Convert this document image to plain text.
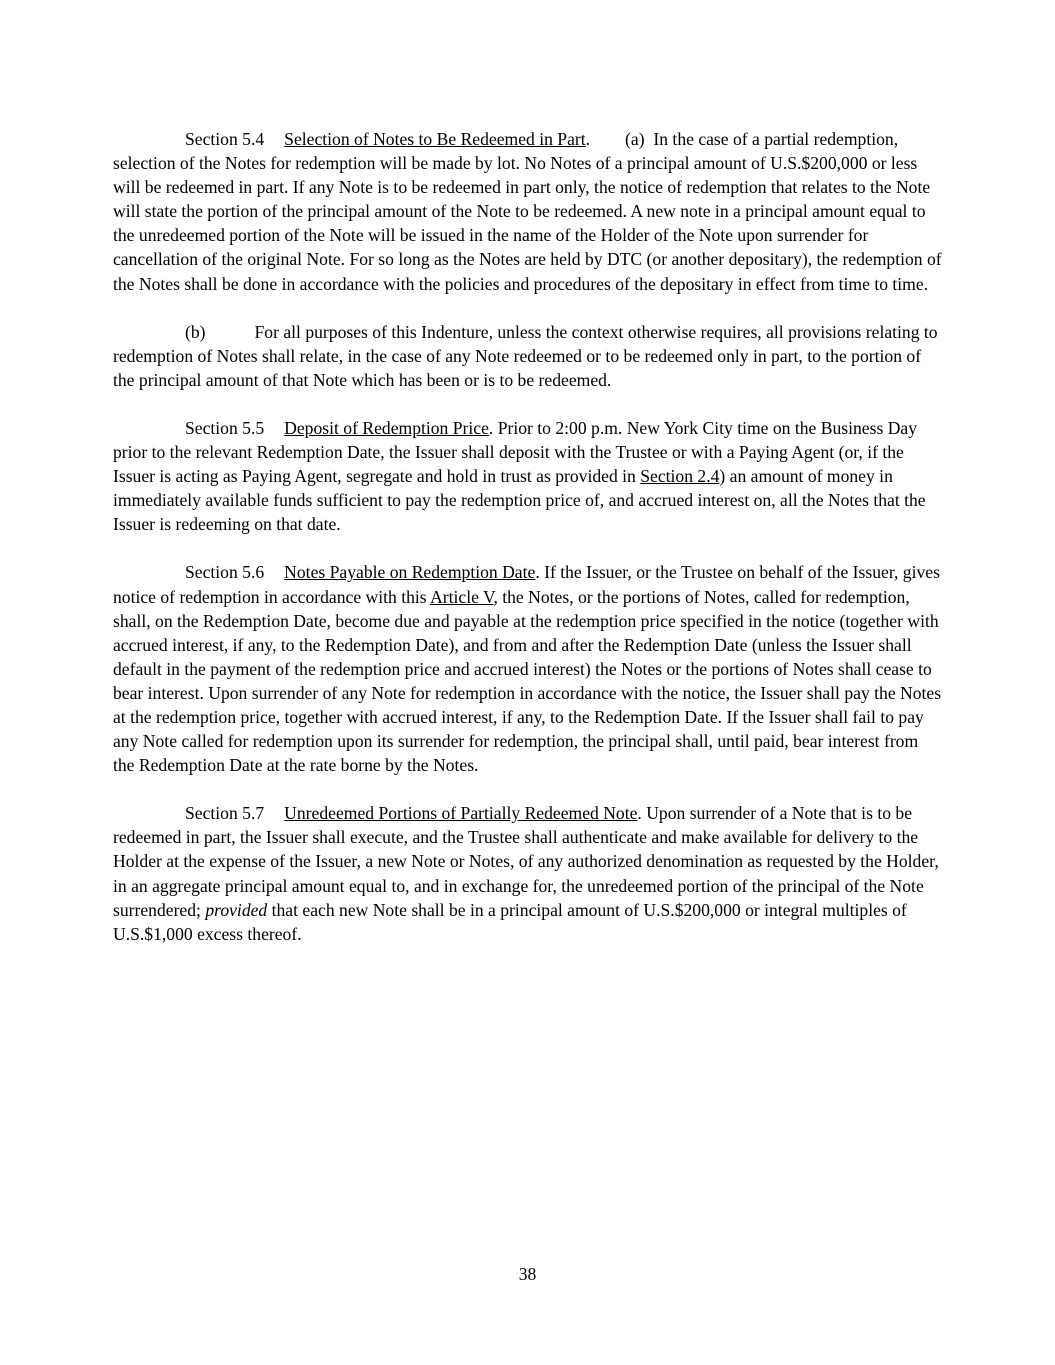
Section 5.4 Selection of Notes to Be Redeemed in Part. (a)  In the case of a partial redemption, selection of the Notes for redemption will be made by lot. No Notes of a principal amount of U.S.$200,000 or less will be redeemed in part. If any Note is to be redeemed in part only, the notice of redemption that relates to the Note will state the portion of the principal amount of the Note to be redeemed. A new note in a principal amount equal to the unredeemed portion of the Note will be issued in the name of the Holder of the Note upon surrender for cancellation of the original Note. For so long as the Notes are held by DTC (or another depositary), the redemption of the Notes shall be done in accordance with the policies and procedures of the depositary in effect from time to time.

(b)	For all purposes of this Indenture, unless the context otherwise requires, all provisions relating to redemption of Notes shall relate, in the case of any Note redeemed or to be redeemed only in part, to the portion of the principal amount of that Note which has been or is to be redeemed.

Section 5.5 Deposit of Redemption Price. Prior to 2:00 p.m. New York City time on the Business Day prior to the relevant Redemption Date, the Issuer shall deposit with the Trustee or with a Paying Agent (or, if the Issuer is acting as Paying Agent, segregate and hold in trust as provided in Section 2.4) an amount of money in immediately available funds sufficient to pay the redemption price of, and accrued interest on, all the Notes that the Issuer is redeeming on that date.

Section 5.6 Notes Payable on Redemption Date. If the Issuer, or the Trustee on behalf of the Issuer, gives notice of redemption in accordance with this Article V, the Notes, or the portions of Notes, called for redemption, shall, on the Redemption Date, become due and payable at the redemption price specified in the notice (together with accrued interest, if any, to the Redemption Date), and from and after the Redemption Date (unless the Issuer shall default in the payment of the redemption price and accrued interest) the Notes or the portions of Notes shall cease to bear interest. Upon surrender of any Note for redemption in accordance with the notice, the Issuer shall pay the Notes at the redemption price, together with accrued interest, if any, to the Redemption Date. If the Issuer shall fail to pay any Note called for redemption upon its surrender for redemption, the principal shall, until paid, bear interest from the Redemption Date at the rate borne by the Notes.

Section 5.7 Unredeemed Portions of Partially Redeemed Note. Upon surrender of a Note that is to be redeemed in part, the Issuer shall execute, and the Trustee shall authenticate and make available for delivery to the Holder at the expense of the Issuer, a new Note or Notes, of any authorized denomination as requested by the Holder, in an aggregate principal amount equal to, and in exchange for, the unredeemed portion of the principal of the Note surrendered; provided that each new Note shall be in a principal amount of U.S.$200,000 or integral multiples of U.S.$1,000 excess thereof.

38
